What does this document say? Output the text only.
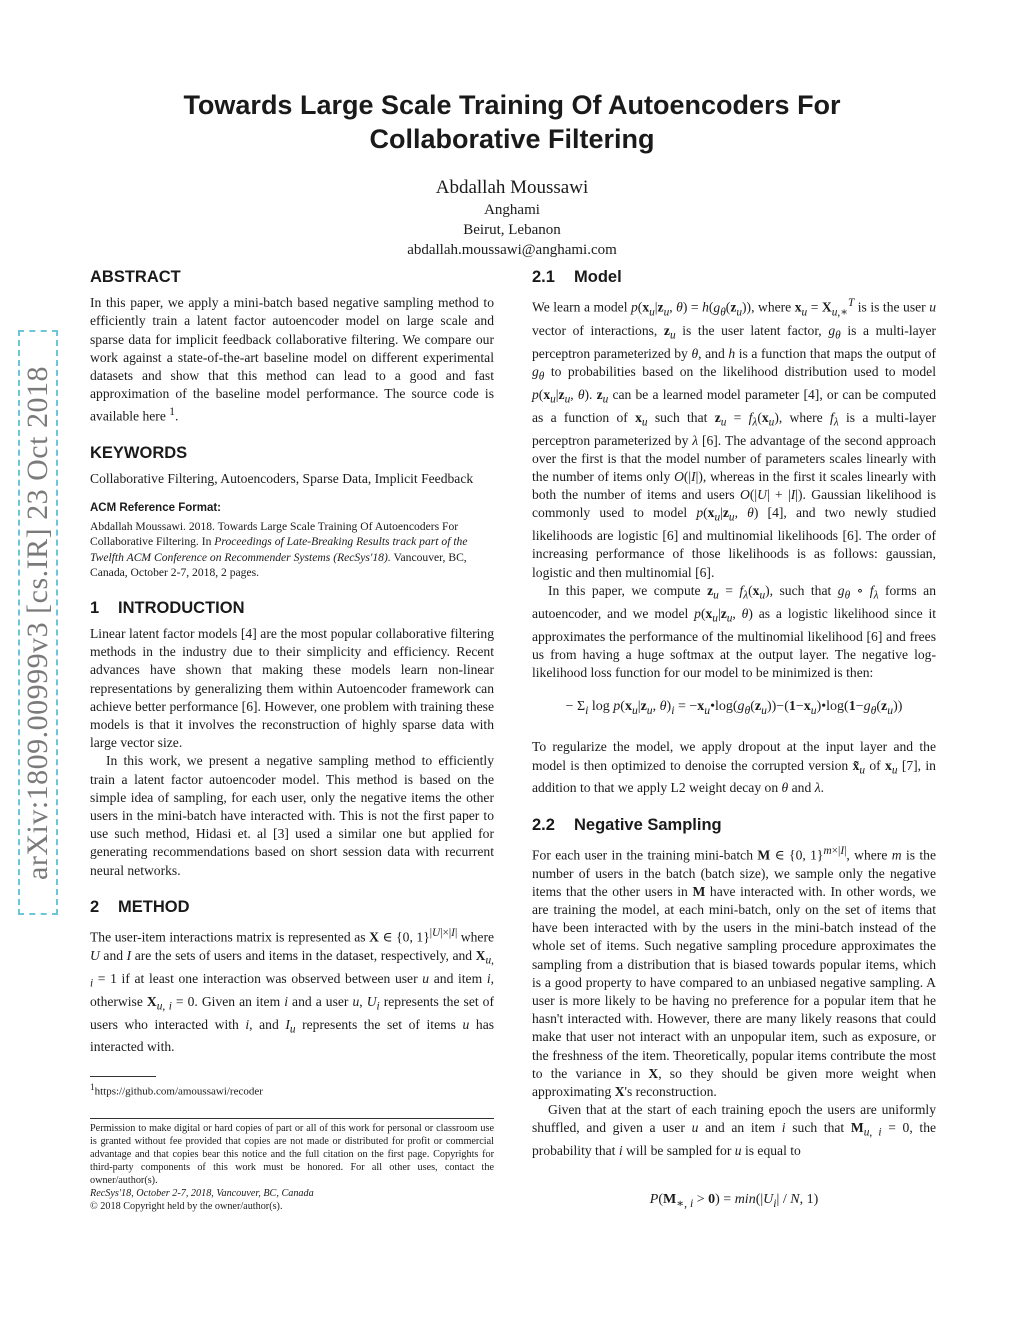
arXiv:1809.00999v3 [cs.IR] 23 Oct 2018
Towards Large Scale Training Of Autoencoders For Collaborative Filtering
Abdallah Moussawi
Anghami
Beirut, Lebanon
abdallah.moussawi@anghami.com
ABSTRACT

In this paper, we apply a mini-batch based negative sampling method to efficiently train a latent factor autoencoder model on large scale and sparse data for implicit feedback collaborative filtering. We compare our work against a state-of-the-art baseline model on different experimental datasets and show that this method can lead to a good and fast approximation of the baseline model performance. The source code is available here $^1$.

KEYWORDS

Collaborative Filtering, Autoencoders, Sparse Data, Implicit Feedback

ACM Reference Format:

Abdallah Moussawi. 2018. Towards Large Scale Training Of Autoencoders For Collaborative Filtering. In Proceedings of Late-Breaking Results track part of the Twelfth ACM Conference on Recommender Systems (RecSys'18). Vancouver, BC, Canada, October 2-7, 2018, 2 pages.

1 INTRODUCTION

Linear latent factor models [4] are the most popular collaborative filtering methods in the industry due to their simplicity and efficiency. Recent advances have shown that making these models learn non-linear representations by generalizing them within Autoencoder framework can achieve better performance [6]. However, one problem with training these models is that it involves the reconstruction of highly sparse data with large vector size.

In this work, we present a negative sampling method to efficiently train a latent factor autoencoder model. This method is based on the simple idea of sampling, for each user, only the negative items the other users in the mini-batch have interacted with. This is not the first paper to use such method, Hidasi et. al [3] used a similar one but applied for generating recommendations based on short session data with recurrent neural networks.

2 METHOD

The user-item interactions matrix is represented as X ∈ {0, 1}$^{|U|\times|I|}$ where U and I are the sets of users and items in the dataset, respectively, and $X_{u, i} = 1$ if at least one interaction was observed between user u and item i, otherwise $X_{u, i} = 0$. Given an item i and a user u, $U_i$ represents the set of users who interacted with i, and $I_u$ represents the set of items u has interacted with.

$^1$https://github.com/amoussawi/recoder
Permission to make digital or hard copies of part or all of this work for personal or classroom use is granted without fee provided that copies are not made or distributed for profit or commercial advantage and that copies bear this notice and the full citation on the first page. Copyrights for third-party components of this work must be honored. For all other uses, contact the owner/author(s).
RecSys'18, October 2-7, 2018, Vancouver, BC, Canada
© 2018 Copyright held by the owner/author(s).
2.1 Model

We learn a model $p(x_u|z_u$, $\theta) = h(g_\theta(z_u))$, where $x_u = X_{u,∗}^T$ is is the user u vector of interactions, $z_u$ is the user latent factor, $g_\theta$ is a multi-layer perceptron parameterized by θ, and h is a function that maps the output of $g_\theta$ to probabilities based on the likelihood distribution used to model $p(x_u|z_u$, θ). $z_u$ can be a learned model parameter [4], or can be computed as a function of $x_u$ such that $z_u = f_\lambda(x_u)$, where $f_\lambda$ is a multi-layer perceptron parameterized by λ [6]. The advantage of the second approach over the first is that the model number of parameters scales linearly with the number of items only O(|I|), whereas in the first it scales linearly with both the number of items and users O(|U| + |I|). Gaussian likelihood is commonly used to model $p(x_u|z_u$, θ) [4], and two newly studied likelihoods are logistic [6] and multinomial likelihoods [6]. The order of increasing performance of those likelihoods is as follows: gaussian, logistic and then multinomial [6].

In this paper, we compute $z_u = f_\lambda(x_u)$, such that $g_\theta$ ∘ $f_\lambda$ forms an autoencoder, and we model $p(x_u|z_u$, θ) as a logistic likelihood since it approximates the performance of the multinomial likelihood [6] and frees us from having a huge softmax at the output layer. The negative log-likelihood loss function for our model to be minimized is then:

− $\Sigma_i$ $\log p(x_u|z_u$, $\theta)_i$ = $-x_u•\log(g_\theta(z_u))-(1-x_u)•\log(1-g_\theta(z_u))$

To regularize the model, we apply dropout at the input layer and the model is then optimized to denoise the corrupted version $x̃_u$ of $x_u$ [7], in addition to that we apply L2 weight decay on θ and λ.

2.2 Negative Sampling

For each user in the training mini-batch M ∈ {0, 1}$^{m\times|I|}$, where m is the number of users in the batch (batch size), we sample only the negative items that the other users in M have interacted with. In other words, we are training the model, at each mini-batch, only on the set of items that have been interacted with by the users in the mini-batch instead of the whole set of items. Such negative sampling procedure approximates the sampling from a distribution that is biased towards popular items, which is a good property to have compared to an unbiased negative sampling. A user is more likely to be having no preference for a popular item that he hasn't interacted with. However, there are many likely reasons that could make that user not interact with an unpopular item, such as exposure, or the freshness of the item. Theoretically, popular items contribute the most to the variance in X, so they should be given more weight when approximating X's reconstruction.

Given that at the start of each training epoch the users are uniformly shuffled, and given a user u and an item i such that $M_{u, i} = 0$, the probability that i will be sampled for u is equal to

$P(M_{∗, i} > 0) = \min(|U_i| / N$, 1)
